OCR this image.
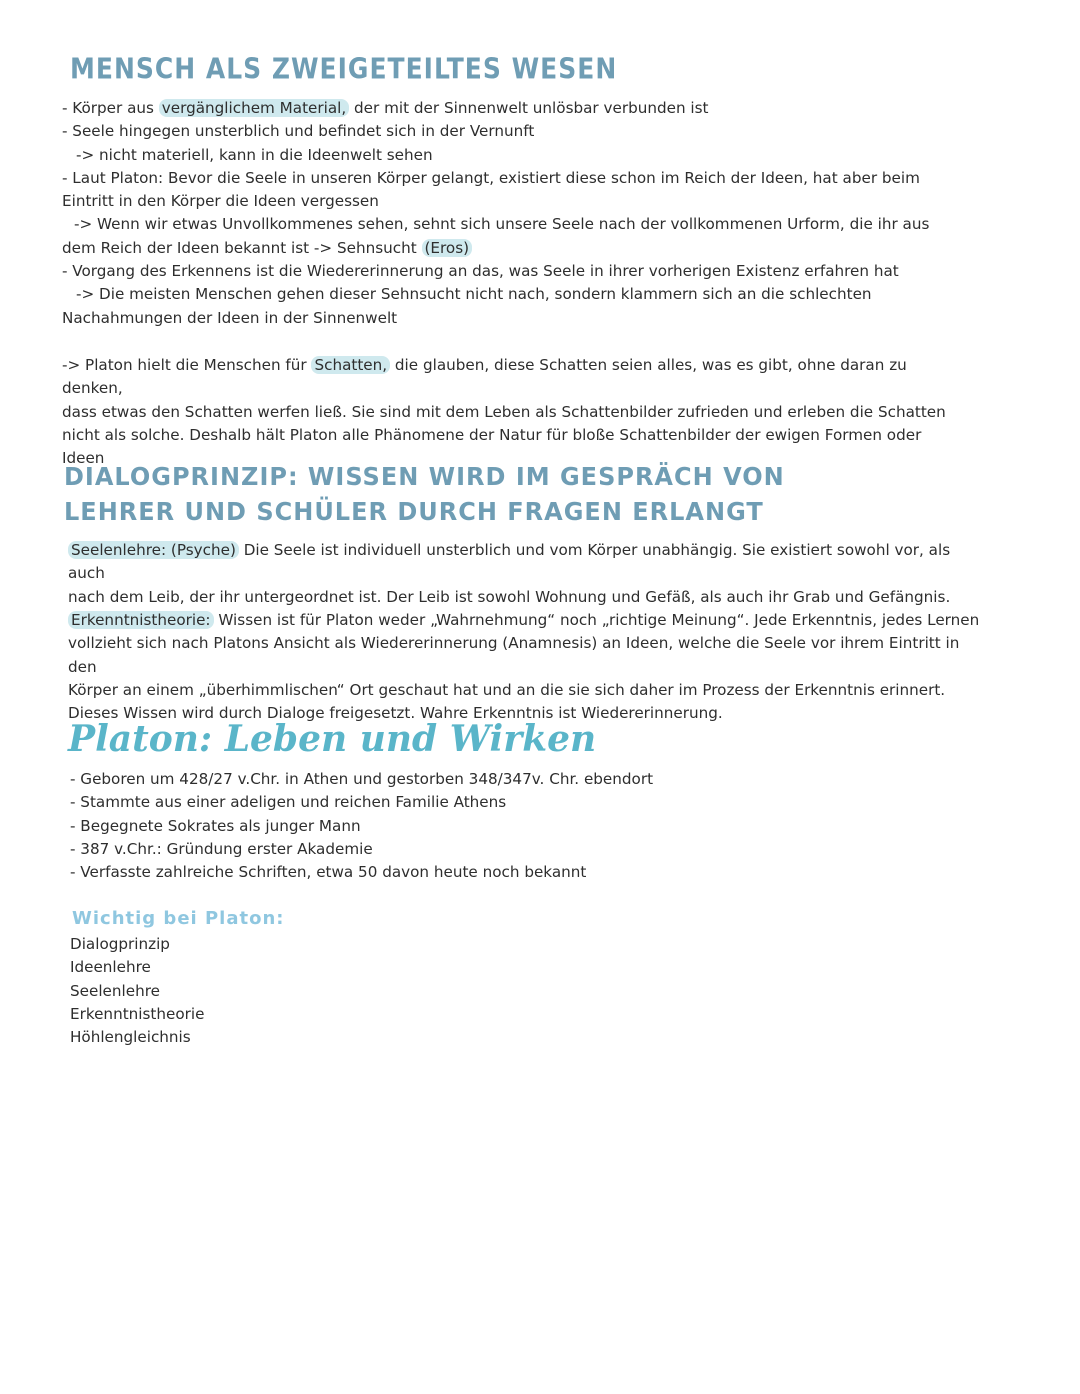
MENSCH ALS ZWEIGETEILTES WESEN

- Körper aus vergänglichem Material, der mit der Sinnenwelt unlösbar verbunden ist

- Seele hingegen unsterblich und befindet sich in der Vernunft

-> nicht materiell, kann in die Ideenwelt sehen

- Laut Platon: Bevor die Seele in unseren Körper gelangt, existiert diese schon im Reich der Ideen, hat aber beim

Eintritt in den Körper die Ideen vergessen

-> Wenn wir etwas Unvollkommenes sehen, sehnt sich unsere Seele nach der vollkommenen Urform, die ihr aus

dem Reich der Ideen bekannt ist -> Sehnsucht (Eros)

- Vorgang des Erkennens ist die Wiedererinnerung an das, was Seele in ihrer vorherigen Existenz erfahren hat

-> Die meisten Menschen gehen dieser Sehnsucht nicht nach, sondern klammern sich an die schlechten

Nachahmungen der Ideen in der Sinnenwelt

-> Platon hielt die Menschen für Schatten, die glauben, diese Schatten seien alles, was es gibt, ohne daran zu denken,

dass etwas den Schatten werfen ließ. Sie sind mit dem Leben als Schattenbilder zufrieden und erleben die Schatten

nicht als solche. Deshalb hält Platon alle Phänomene der Natur für bloße Schattenbilder der ewigen Formen oder

Ideen

DIALOGPRINZIP: WISSEN WIRD IM GESPRÄCH VON LEHRER UND SCHÜLER DURCH FRAGEN ERLANGT

Seelenlehre: (Psyche) Die Seele ist individuell unsterblich und vom Körper unabhängig. Sie existiert sowohl vor, als auch

nach dem Leib, der ihr untergeordnet ist. Der Leib ist sowohl Wohnung und Gefäß, als auch ihr Grab und Gefängnis.

Erkenntnistheorie: Wissen ist für Platon weder „Wahrnehmung“ noch „richtige Meinung“. Jede Erkenntnis, jedes Lernen

vollzieht sich nach Platons Ansicht als Wiedererinnerung (Anamnesis) an Ideen, welche die Seele vor ihrem Eintritt in den

Körper an einem „überhimmlischen“ Ort geschaut hat und an die sie sich daher im Prozess der Erkenntnis erinnert.

Dieses Wissen wird durch Dialoge freigesetzt. Wahre Erkenntnis ist Wiedererinnerung.

Platon: Leben und Wirken

- Geboren um 428/27 v.Chr. in Athen und gestorben 348/347v. Chr. ebendort

- Stammte aus einer adeligen und reichen Familie Athens

- Begegnete Sokrates als junger Mann

- 387 v.Chr.: Gründung erster Akademie

- Verfasste zahlreiche Schriften, etwa 50 davon heute noch bekannt

Wichtig bei Platon:

Dialogprinzip

Ideenlehre

Seelenlehre

Erkenntnistheorie

Höhlengleichnis
